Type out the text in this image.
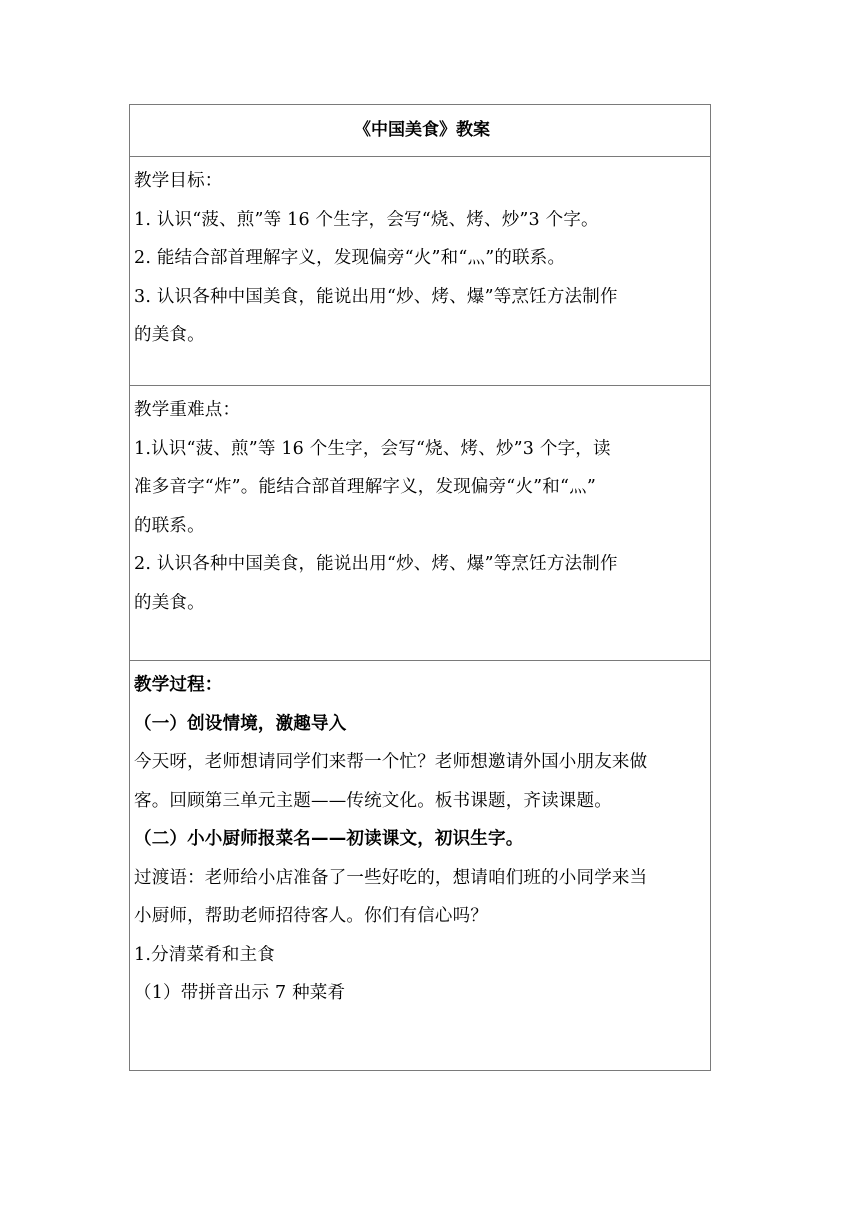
《中国美食》教案
教学目标：
1. 认识“菠、煎”等 16 个生字，会写“烧、烤、炒”3 个字。
2. 能结合部首理解字义，发现偏旁“火”和“灬”的联系。
3. 认识各种中国美食，能说出用“炒、烤、爆”等烹饪方法制作
的美食。
教学重难点：
1.认识“菠、煎”等 16 个生字，会写“烧、烤、炒”3 个字，读
准多音字“炸”。能结合部首理解字义，发现偏旁“火”和“灬”
的联系。
2. 认识各种中国美食，能说出用“炒、烤、爆”等烹饪方法制作
的美食。
教学过程：
（一）创设情境，激趣导入
今天呀，老师想请同学们来帮一个忙？老师想邀请外国小朋友来做
客。回顾第三单元主题——传统文化。板书课题，齐读课题。
（二）小小厨师报菜名——初读课文，初识生字。
过渡语：老师给小店准备了一些好吃的，想请咱们班的小同学来当
小厨师，帮助老师招待客人。你们有信心吗？
1.分清菜肴和主食
（1）带拼音出示 7 种菜肴
